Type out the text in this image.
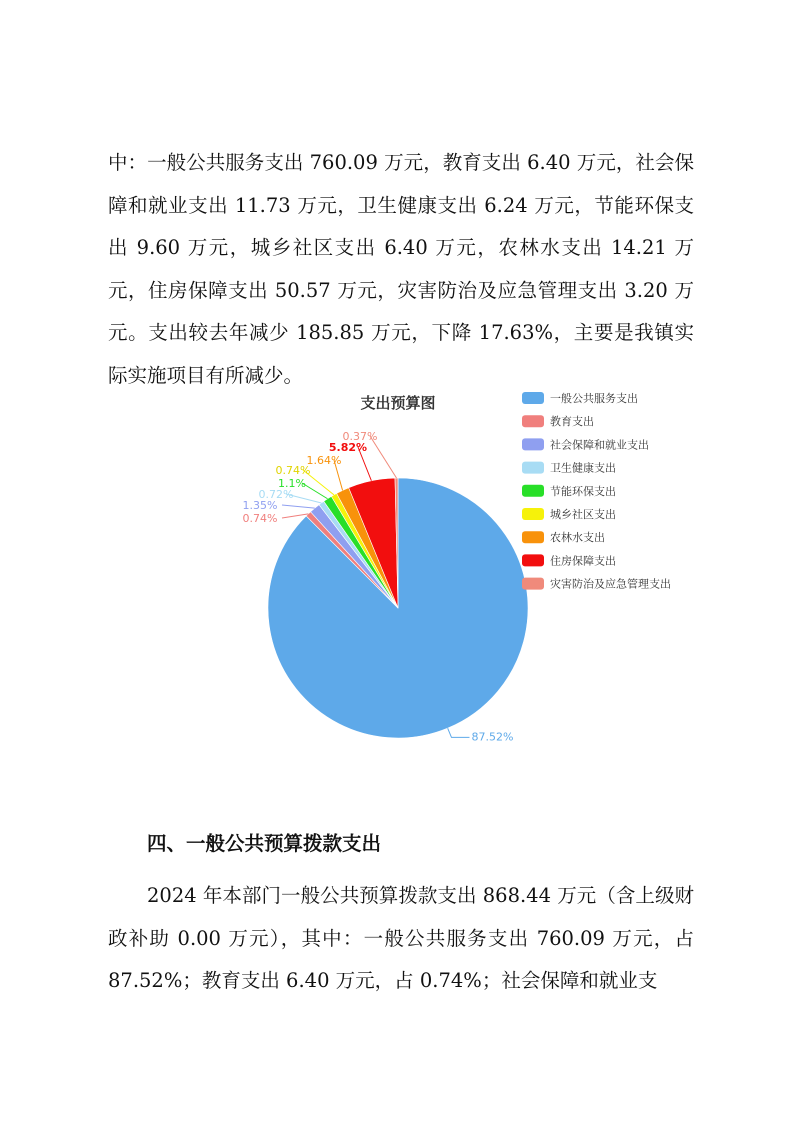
中：一般公共服务支出 760.09 万元，教育支出 6.40 万元，社会保障和就业支出 11.73 万元，卫生健康支出 6.24 万元，节能环保支出 9.60 万元，城乡社区支出 6.40 万元，农林水支出 14.21 万元，住房保障支出 50.57 万元，灾害防治及应急管理支出 3.20 万元。支出较去年减少 185.85 万元，下降 17.63%，主要是我镇实际实施项目有所减少。

支出预算图
87.52%
0.74%
1.35%
0.72%
1.1%
0.74%
1.64%
5.82%
0.37%
一般公共服务支出
教育支出
社会保障和就业支出
卫生健康支出
节能环保支出
城乡社区支出
农林水支出
住房保障支出
灾害防治及应急管理支出

四、一般公共预算拨款支出

2024 年本部门一般公共预算拨款支出 868.44 万元（含上级财政补助 0.00 万元），其中：一般公共服务支出 760.09 万元，占 87.52%；教育支出 6.40 万元，占 0.74%；社会保障和就业支
